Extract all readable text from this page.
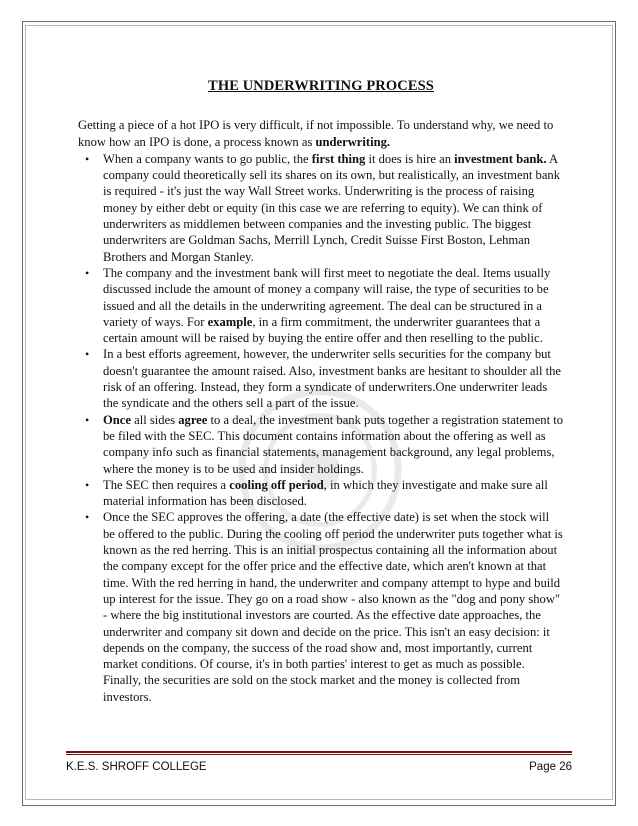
THE UNDERWRITING PROCESS
Getting a piece of a hot IPO is very difficult, if not impossible. To understand why, we need to know how an IPO is done, a process known as underwriting.
• When a company wants to go public, the first thing it does is hire an investment bank. A company could theoretically sell its shares on its own, but realistically, an investment bank is required - it's just the way Wall Street works. Underwriting is the process of raising money by either debt or equity (in this case we are referring to equity). We can think of underwriters as middlemen between companies and the investing public. The biggest underwriters are Goldman Sachs, Merrill Lynch, Credit Suisse First Boston, Lehman Brothers and Morgan Stanley.
• The company and the investment bank will first meet to negotiate the deal. Items usually discussed include the amount of money a company will raise, the type of securities to be issued and all the details in the underwriting agreement. The deal can be structured in a variety of ways. For example, in a firm commitment, the underwriter guarantees that a certain amount will be raised by buying the entire offer and then reselling to the public.
• In a best efforts agreement, however, the underwriter sells securities for the company but doesn't guarantee the amount raised. Also, investment banks are hesitant to shoulder all the risk of an offering. Instead, they form a syndicate of underwriters.One underwriter leads the syndicate and the others sell a part of the issue.
• Once all sides agree to a deal, the investment bank puts together a registration statement to be filed with the SEC. This document contains information about the offering as well as company info such as financial statements, management background, any legal problems, where the money is to be used and insider holdings.
• The SEC then requires a cooling off period, in which they investigate and make sure all material information has been disclosed.
• Once the SEC approves the offering, a date (the effective date) is set when the stock will be offered to the public. During the cooling off period the underwriter puts together what is known as the red herring. This is an initial prospectus containing all the information about the company except for the offer price and the effective date, which aren't known at that time. With the red herring in hand, the underwriter and company attempt to hype and build up interest for the issue. They go on a road show - also known as the "dog and pony show" - where the big institutional investors are courted. As the effective date approaches, the underwriter and company sit down and decide on the price. This isn't an easy decision: it depends on the company, the success of the road show and, most importantly, current market conditions. Of course, it's in both parties' interest to get as much as possible. Finally, the securities are sold on the stock market and the money is collected from investors.
K.E.S. SHROFF COLLEGE	Page 26
